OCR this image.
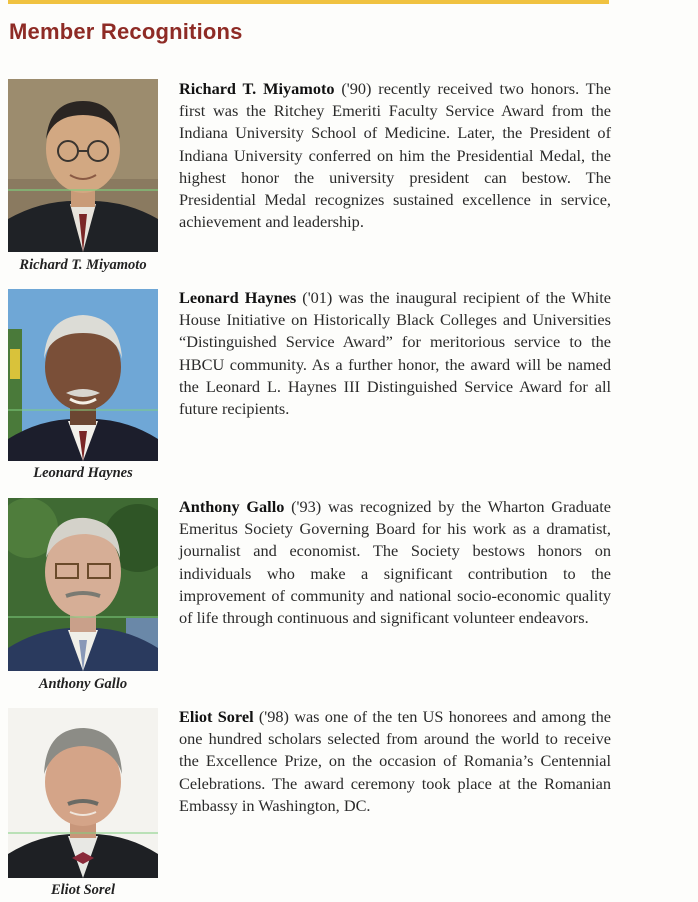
Member Recognitions
Richard T. Miyamoto
Richard T. Miyamoto ('90) recently received two honors. The first was the Ritchey Emeriti Faculty Service Award from the Indiana University School of Medicine. Later, the President of Indiana University conferred on him the Presidential Medal, the highest honor the university president can bestow. The Presidential Medal recognizes sustained excellence in service, achievement and leadership.
Leonard Haynes
Leonard Haynes ('01) was the inaugural recipient of the White House Initiative on Historically Black Colleges and Universities “Distinguished Service Award” for meritorious service to the HBCU community. As a further honor, the award will be named the Leonard L. Haynes III Distinguished Service Award for all future recipients.
Anthony Gallo
Anthony Gallo ('93) was recognized by the Wharton Graduate Emeritus Society Governing Board for his work as a dramatist, journalist and economist. The Society bestows honors on individuals who make a significant contribution to the improvement of community and national socio-economic quality of life through continuous and significant volunteer endeavors.
Eliot Sorel
Eliot Sorel ('98) was one of the ten US honorees and among the one hundred scholars selected from around the world to receive the Excellence Prize, on the occasion of Romania’s Centennial Celebrations. The award ceremony took place at the Romanian Embassy in Washington, DC.
